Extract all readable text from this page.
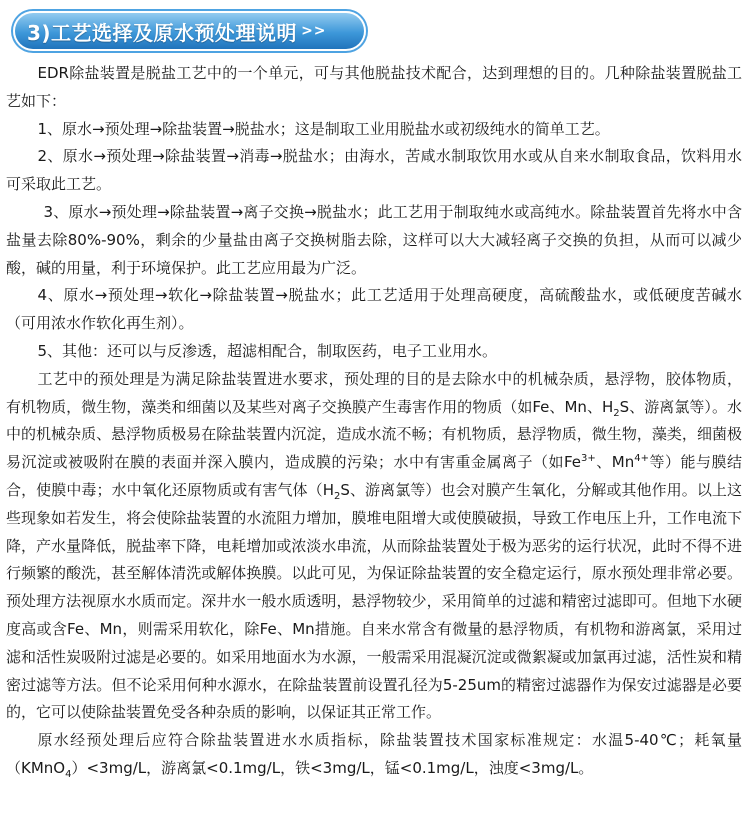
3)工艺选择及原水预处理说明 >>

EDR除盐装置是脱盐工艺中的一个单元，可与其他脱盐技术配合，达到理想的目的。几种除盐装置脱盐工艺如下：

1、原水→预处理→除盐装置→脱盐水；这是制取工业用脱盐水或初级纯水的简单工艺。

2、原水→预处理→除盐装置→消毒→脱盐水；由海水，苦咸水制取饮用水或从自来水制取食品，饮料用水可采取此工艺。

3、原水→预处理→除盐装置→离子交换→脱盐水；此工艺用于制取纯水或高纯水。除盐装置首先将水中含盐量去除80%-90%，剩余的少量盐由离子交换树脂去除，这样可以大大减轻离子交换的负担，从而可以减少酸，碱的用量，利于环境保护。此工艺应用最为广泛。

4、原水→预处理→软化→除盐装置→脱盐水；此工艺适用于处理高硬度，高硫酸盐水，或低硬度苦碱水（可用浓水作软化再生剂）。

5、其他：还可以与反渗透，超滤相配合，制取医药，电子工业用水。

工艺中的预处理是为满足除盐装置进水要求，预处理的目的是去除水中的机械杂质，悬浮物，胶体物质，有机物质，微生物，藻类和细菌以及某些对离子交换膜产生毒害作用的物质（如Fe、Mn、$H_2S$、游离氯等）。水中的机械杂质、悬浮物质极易在除盐装置内沉淀，造成水流不畅；有机物质，悬浮物质，微生物，藻类，细菌极易沉淀或被吸附在膜的表面并深入膜内，造成膜的污染；水中有害重金属离子（如$Fe^{3+}$、$Mn^{4+}$等）能与膜结合，使膜中毒；水中氧化还原物质或有害气体（$H_2S$、游离氯等）也会对膜产生氧化，分解或其他作用。以上这些现象如若发生，将会使除盐装置的水流阻力增加，膜堆电阻增大或使膜破损，导致工作电压上升，工作电流下降，产水量降低，脱盐率下降，电耗增加或浓淡水串流，从而除盐装置处于极为恶劣的运行状况，此时不得不进行频繁的酸洗，甚至解体清洗或解体换膜。以此可见，为保证除盐装置的安全稳定运行，原水预处理非常必要。预处理方法视原水水质而定。深井水一般水质透明，悬浮物较少，采用简单的过滤和精密过滤即可。但地下水硬度高或含Fe、Mn，则需采用软化，除Fe、Mn措施。自来水常含有微量的悬浮物质，有机物和游离氯，采用过滤和活性炭吸附过滤是必要的。如采用地面水为水源，一般需采用混凝沉淀或微絮凝或加氯再过滤，活性炭和精密过滤等方法。但不论采用何种水源水，在除盐装置前设置孔径为5-25um的精密过滤器作为保安过滤器是必要的，它可以使除盐装置免受各种杂质的影响，以保证其正常工作。

原水经预处理后应符合除盐装置进水水质指标，除盐装置技术国家标准规定：水温5-40℃；耗氧量（KMnO$_4$）<3mg/L，游离氯<0.1mg/L，铁<3mg/L，锰<0.1mg/L，浊度<3mg/L。
